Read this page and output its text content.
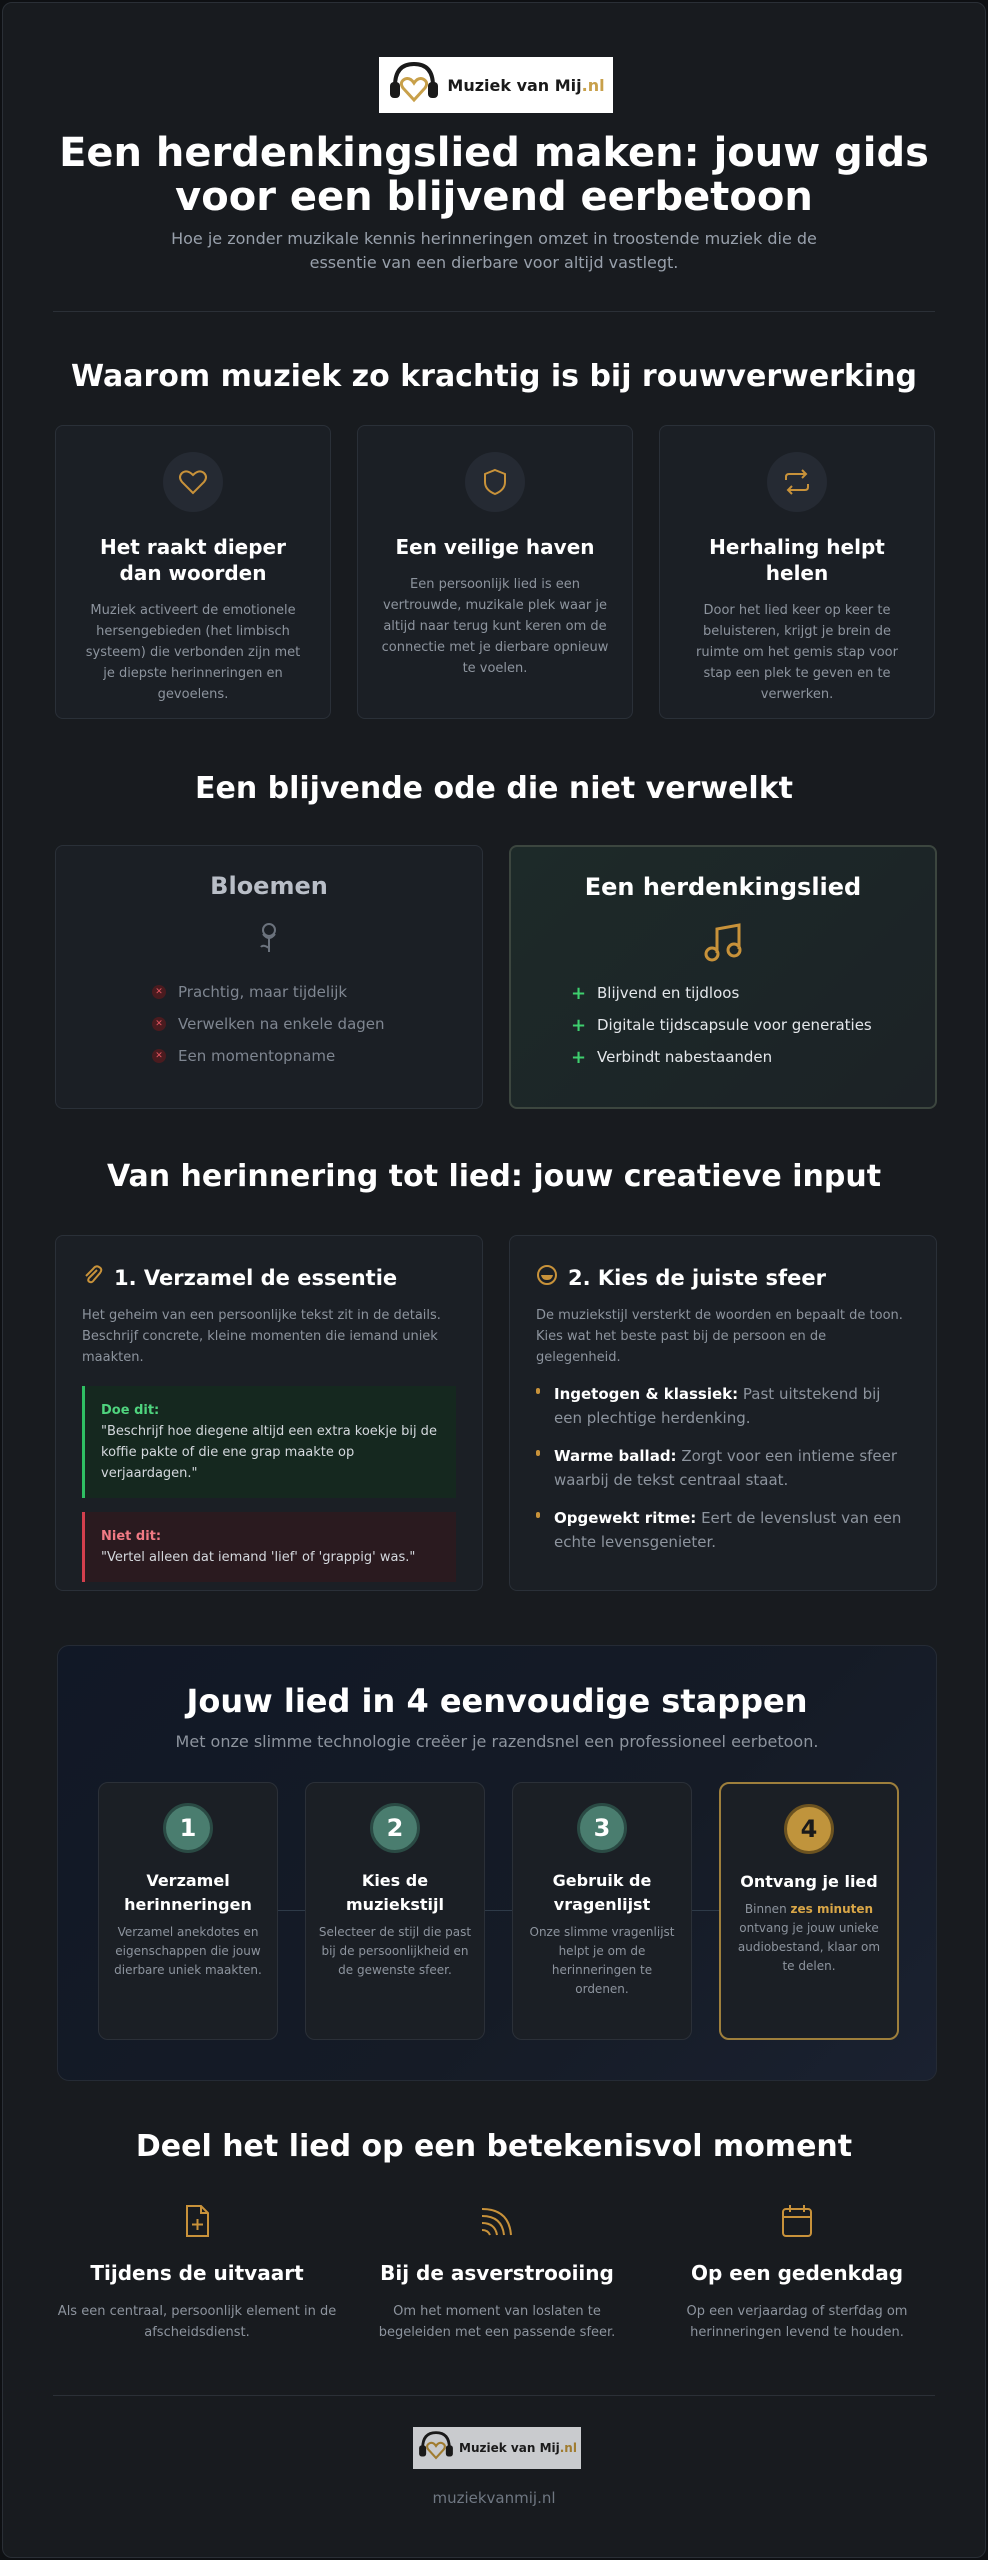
Muziek van Mij.nl
Een herdenkingslied maken: jouw gids voor een blijvend eerbetoon

Hoe je zonder muzikale kennis herinneringen omzet in troostende muziek die de essentie van een dierbare voor altijd vastlegt.

Waarom muziek zo krachtig is bij rouwverwerking
Het raakt dieper dan woorden

Muziek activeert de emotionele hersengebieden (het limbisch systeem) die verbonden zijn met je diepste herinneringen en gevoelens.

Een veilige haven

Een persoonlijk lied is een vertrouwde, muzikale plek waar je altijd naar terug kunt keren om de connectie met je dierbare opnieuw te voelen.

Herhaling helpt helen

Door het lied keer op keer te beluisteren, krijgt je brein de ruimte om het gemis stap voor stap een plek te geven en te verwerken.

Een blijvende ode die niet verwelkt
Bloemen
✕ Prachtig, maar tijdelijk
✕ Verwelken na enkele dagen
✕ Een momentopname
Een herdenkingslied
+ Blijvend en tijdloos
+ Digitale tijdscapsule voor generaties
+ Verbindt nabestaanden
Van herinnering tot lied: jouw creatieve input
1. Verzamel de essentie

Het geheim van een persoonlijke tekst zit in de details. Beschrijf concrete, kleine momenten die iemand uniek maakten.

Doe dit:
"Beschrijf hoe diegene altijd een extra koekje bij de koffie pakte of die ene grap maakte op verjaardagen."
Niet dit:
"Vertel alleen dat iemand 'lief' of 'grappig' was."
2. Kies de juiste sfeer

De muziekstijl versterkt de woorden en bepaalt de toon. Kies wat het beste past bij de persoon en de gelegenheid.

Ingetogen & klassiek: Past uitstekend bij een plechtige herdenking.
Warme ballad: Zorgt voor een intieme sfeer waarbij de tekst centraal staat.
Opgewekt ritme: Eert de levenslust van een echte levensgenieter.
Jouw lied in 4 eenvoudige stappen

Met onze slimme technologie creëer je razendsnel een professioneel eerbetoon.

1
Verzamel herinneringen

Verzamel anekdotes en eigenschappen die jouw dierbare uniek maakten.

2
Kies de muziekstijl

Selecteer de stijl die past bij de persoonlijkheid en de gewenste sfeer.

3
Gebruik de vragenlijst

Onze slimme vragenlijst helpt je om de herinneringen te ordenen.

4
Ontvang je lied

Binnen zes minuten ontvang je jouw unieke audiobestand, klaar om te delen.

Deel het lied op een betekenisvol moment
Tijdens de uitvaart

Als een centraal, persoonlijk element in de afscheidsdienst.

Bij de asverstrooiing

Om het moment van loslaten te begeleiden met een passende sfeer.

Op een gedenkdag

Op een verjaardag of sterfdag om herinneringen levend te houden.

Muziek van Mij.nl
muziekvanmij.nl
